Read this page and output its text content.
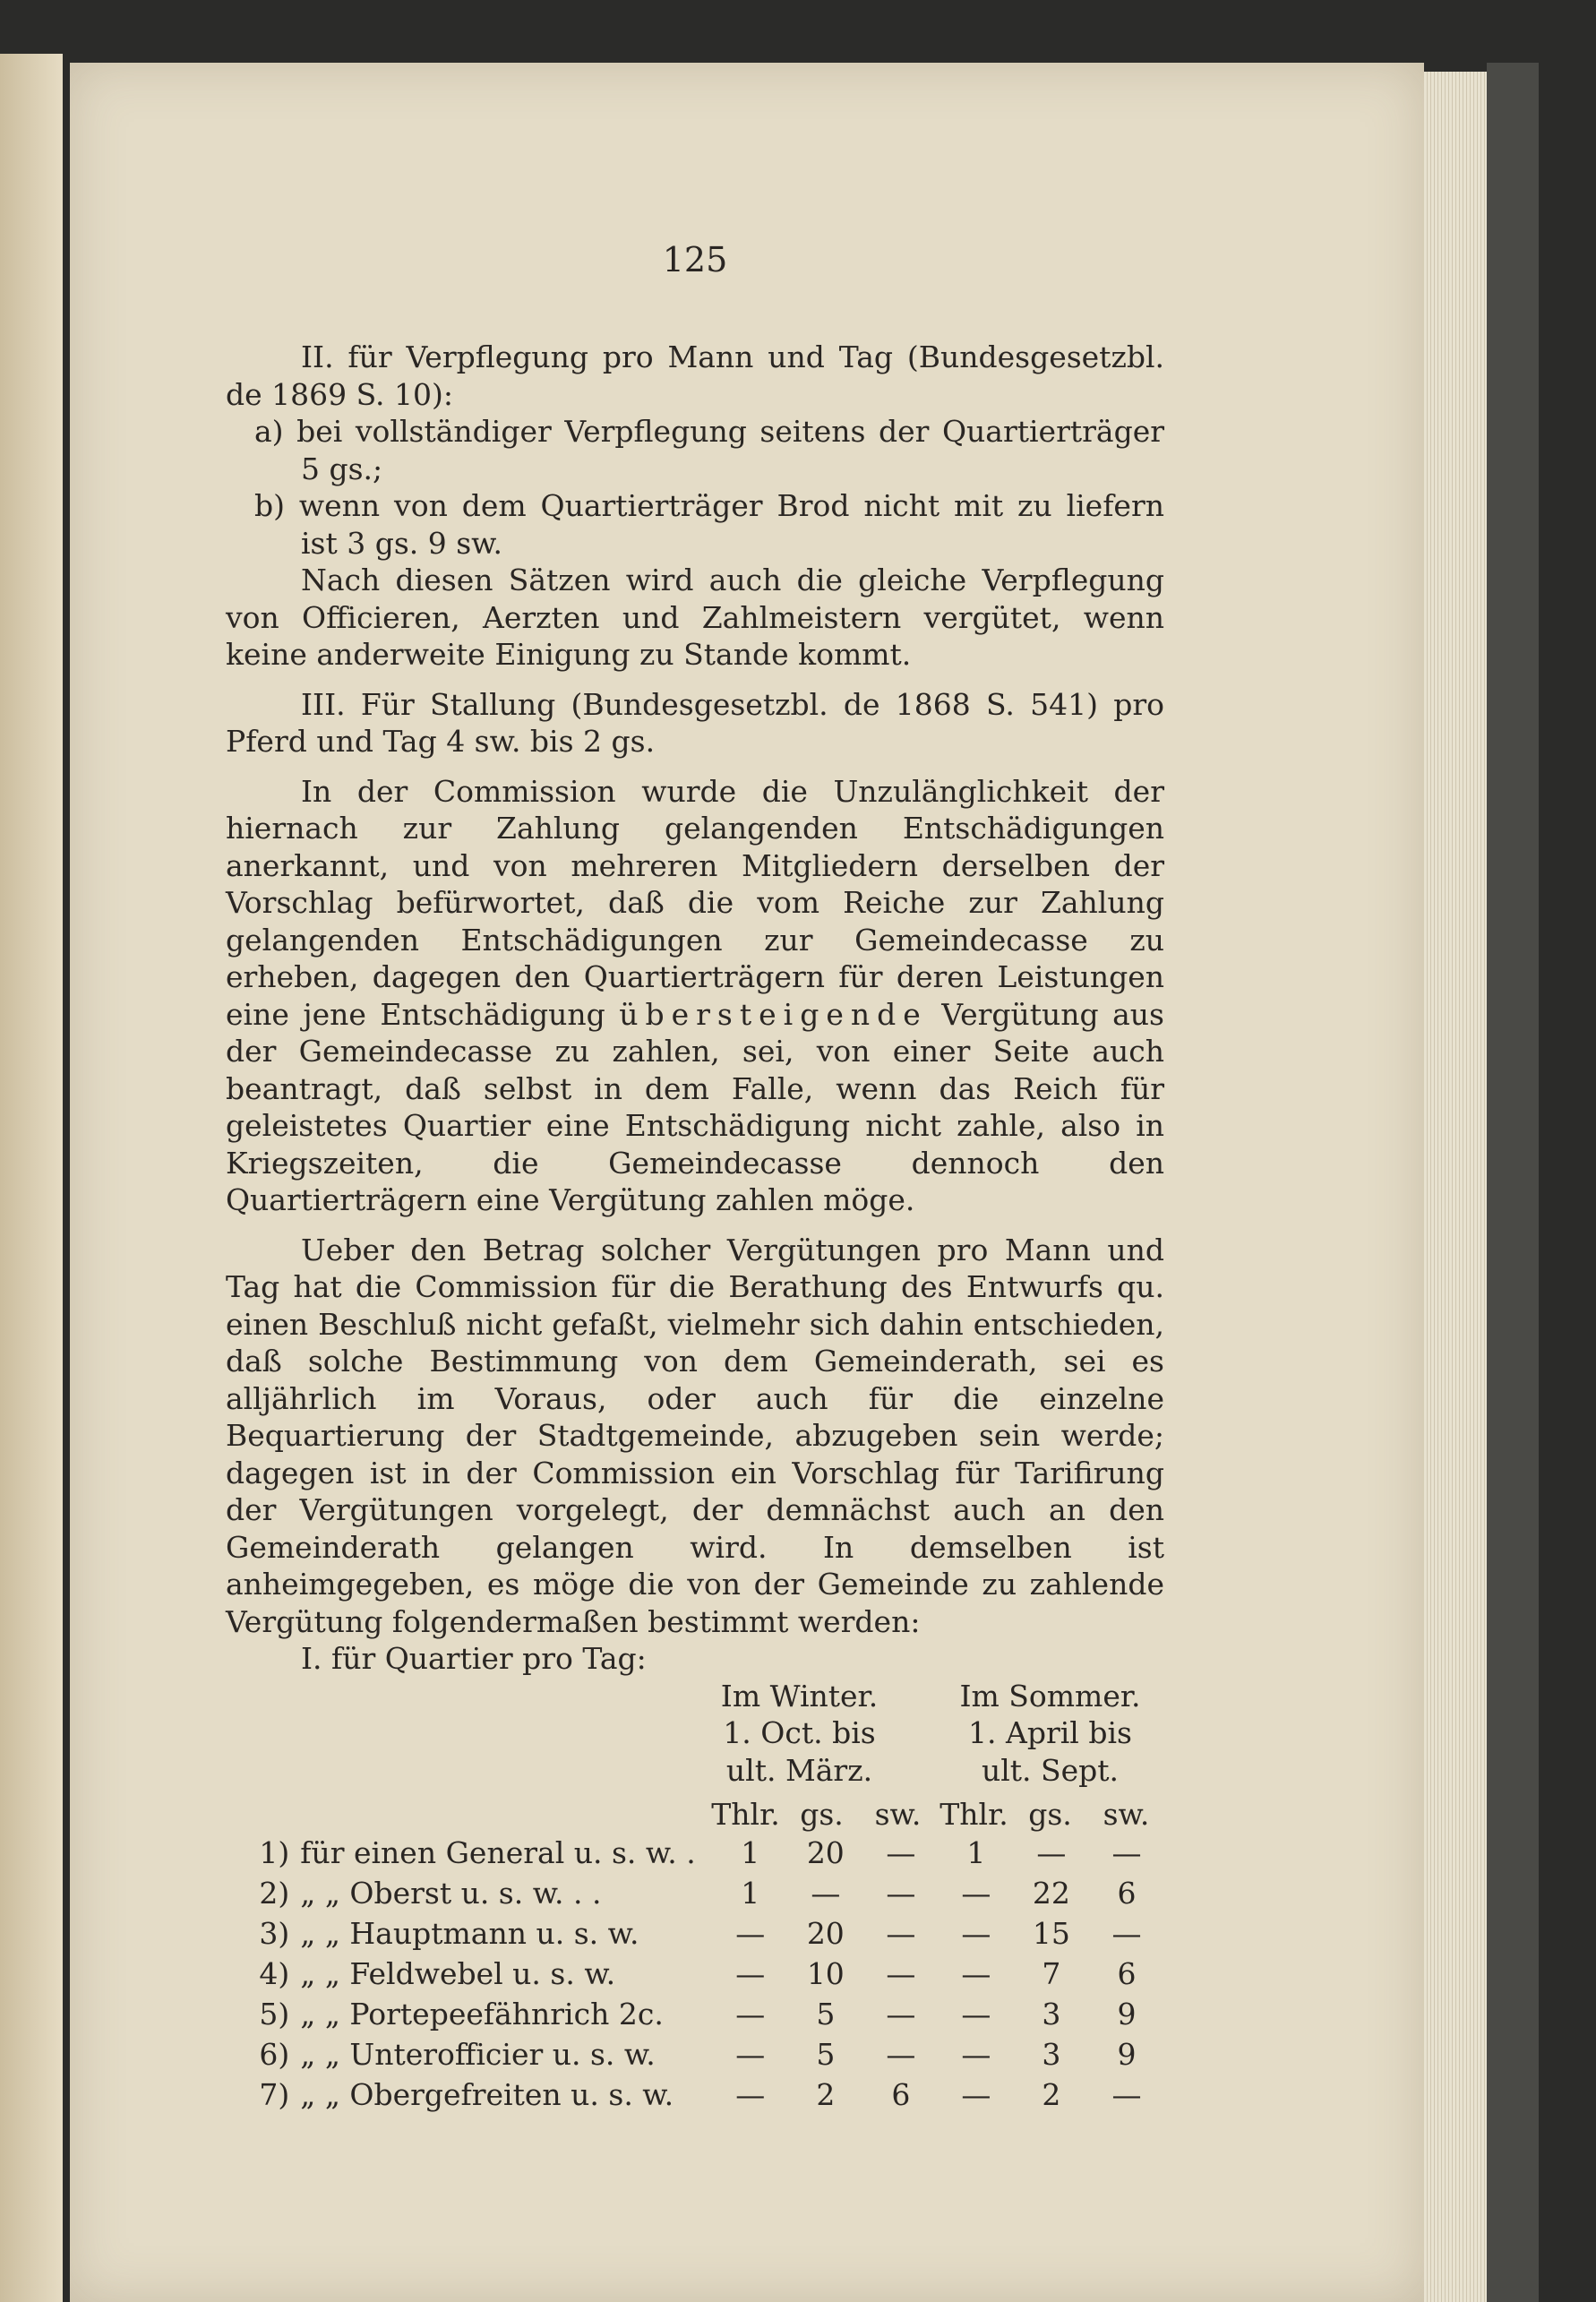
125

II. für Verpflegung pro Mann und Tag (Bundesgesetzbl. de 1869 S. 10):

a) bei vollständiger Verpflegung seitens der Quartierträger 5 gs.;

b) wenn von dem Quartierträger Brod nicht mit zu liefern ist 3 gs. 9 sw.

Nach diesen Sätzen wird auch die gleiche Verpflegung von Officieren, Aerzten und Zahlmeistern vergütet, wenn keine anderweite Einigung zu Stande kommt.

III. Für Stallung (Bundesgesetzbl. de 1868 S. 541) pro Pferd und Tag 4 sw. bis 2 gs.

In der Commission wurde die Unzulänglichkeit der hiernach zur Zahlung gelangenden Entschädigungen anerkannt, und von mehreren Mitgliedern derselben der Vorschlag befürwortet, daß die vom Reiche zur Zahlung gelangenden Entschädigungen zur Gemeindecasse zu erheben, dagegen den Quartierträgern für deren Leistungen eine jene Entschädigung übersteigende Vergütung aus der Gemeindecasse zu zahlen, sei, von einer Seite auch beantragt, daß selbst in dem Falle, wenn das Reich für geleistetes Quartier eine Entschädigung nicht zahle, also in Kriegszeiten, die Gemeindecasse dennoch den Quartierträgern eine Vergütung zahlen möge.

Ueber den Betrag solcher Vergütungen pro Mann und Tag hat die Commission für die Berathung des Entwurfs qu. einen Beschluß nicht gefaßt, vielmehr sich dahin entschieden, daß solche Bestimmung von dem Gemeinderath, sei es alljährlich im Voraus, oder auch für die einzelne Bequartierung der Stadtgemeinde, abzugeben sein werde; dagegen ist in der Commission ein Vorschlag für Tarifirung der Vergütungen vorgelegt, der demnächst auch an den Gemeinderath gelangen wird. In demselben ist anheimgegeben, es möge die von der Gemeinde zu zahlende Vergütung folgendermaßen bestimmt werden:

I. für Quartier pro Tag:

Im Winter.
1. Oct. bis
ult. März.
Im Sommer.
1. April bis
ult. Sept.
Thlr. gs.	sw. Thlr. gs.	sw.
1)	für einen General u. s. w. .	1	20	—	1	—	—
2)	„ „ Oberst u. s. w. . .	1	—	—	—	22	6
3)	„ „ Hauptmann u. s. w.	—	20	—	—	15	—
4)	„ „ Feldwebel u. s. w.	—	10	—	—	7	6
5)	„ „ Portepeefähnrich 2c.	—	5	—	—	3	9
6)	„ „ Unterofficier u. s. w.	—	5	—	—	3	9
7)	„ „ Obergefreiten u. s. w.	—	2	6	—	2	—
